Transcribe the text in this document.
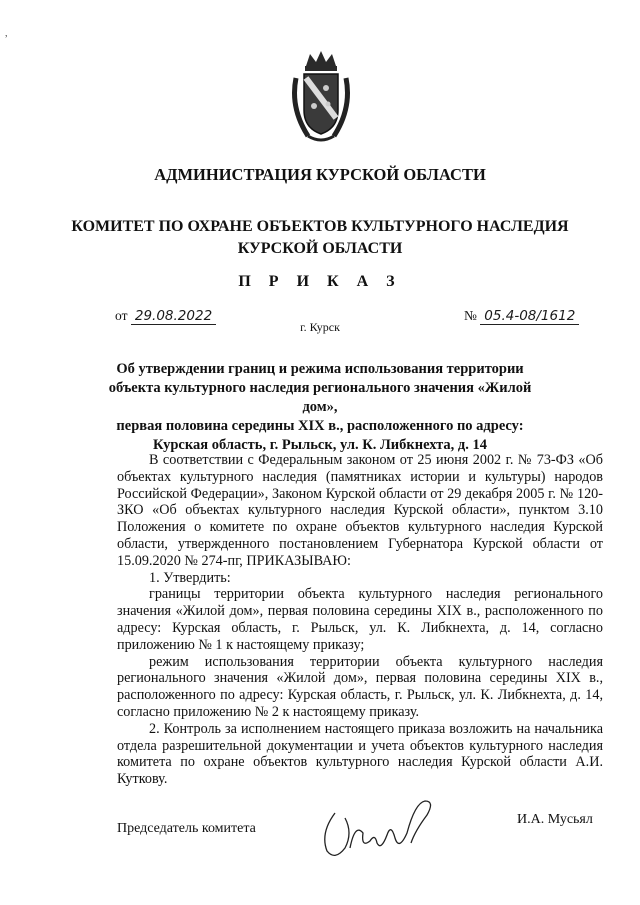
,
АДМИНИСТРАЦИЯ КУРСКОЙ ОБЛАСТИ
КОМИТЕТ ПО ОХРАНЕ ОБЪЕКТОВ КУЛЬТУРНОГО НАСЛЕДИЯ
КУРСКОЙ ОБЛАСТИ
П Р И К А З
от 29.08.2022	№ 05.4-08/1612
г. Курск
Об утверждении границ и режима использования территории
объекта культурного наследия регионального значения «Жилой дом»,
первая половина середины XIX в., расположенного по адресу:
Курская область, г. Рыльск, ул. К. Либкнехта, д. 14

В соответствии с Федеральным законом от 25 июня 2002 г. № 73-ФЗ «Об объектах культурного наследия (памятниках истории и культуры) народов Российской Федерации», Законом Курской области от 29 декабря 2005 г. № 120-ЗКО «Об объектах культурного наследия Курской области», пунктом 3.10 Положения о комитете по охране объектов культурного наследия Курской области, утвержденного постановлением Губернатора Курской области от 15.09.2020 № 274-пг, ПРИКАЗЫВАЮ:

1. Утвердить:

границы территории объекта культурного наследия регионального значения «Жилой дом», первая половина середины XIX в., расположенного по адресу: Курская область, г. Рыльск, ул. К. Либкнехта, д. 14, согласно приложению № 1 к настоящему приказу;

режим использования территории объекта культурного наследия регионального значения «Жилой дом», первая половина середины XIX в., расположенного по адресу: Курская область, г. Рыльск, ул. К. Либкнехта, д. 14, согласно приложению № 2 к настоящему приказу.

2. Контроль за исполнением настоящего приказа возложить на начальника отдела разрешительной документации и учета объектов культурного наследия комитета по охране объектов культурного наследия Курской области А.И. Куткову.

Председатель комитета
И.А. Мусьял
